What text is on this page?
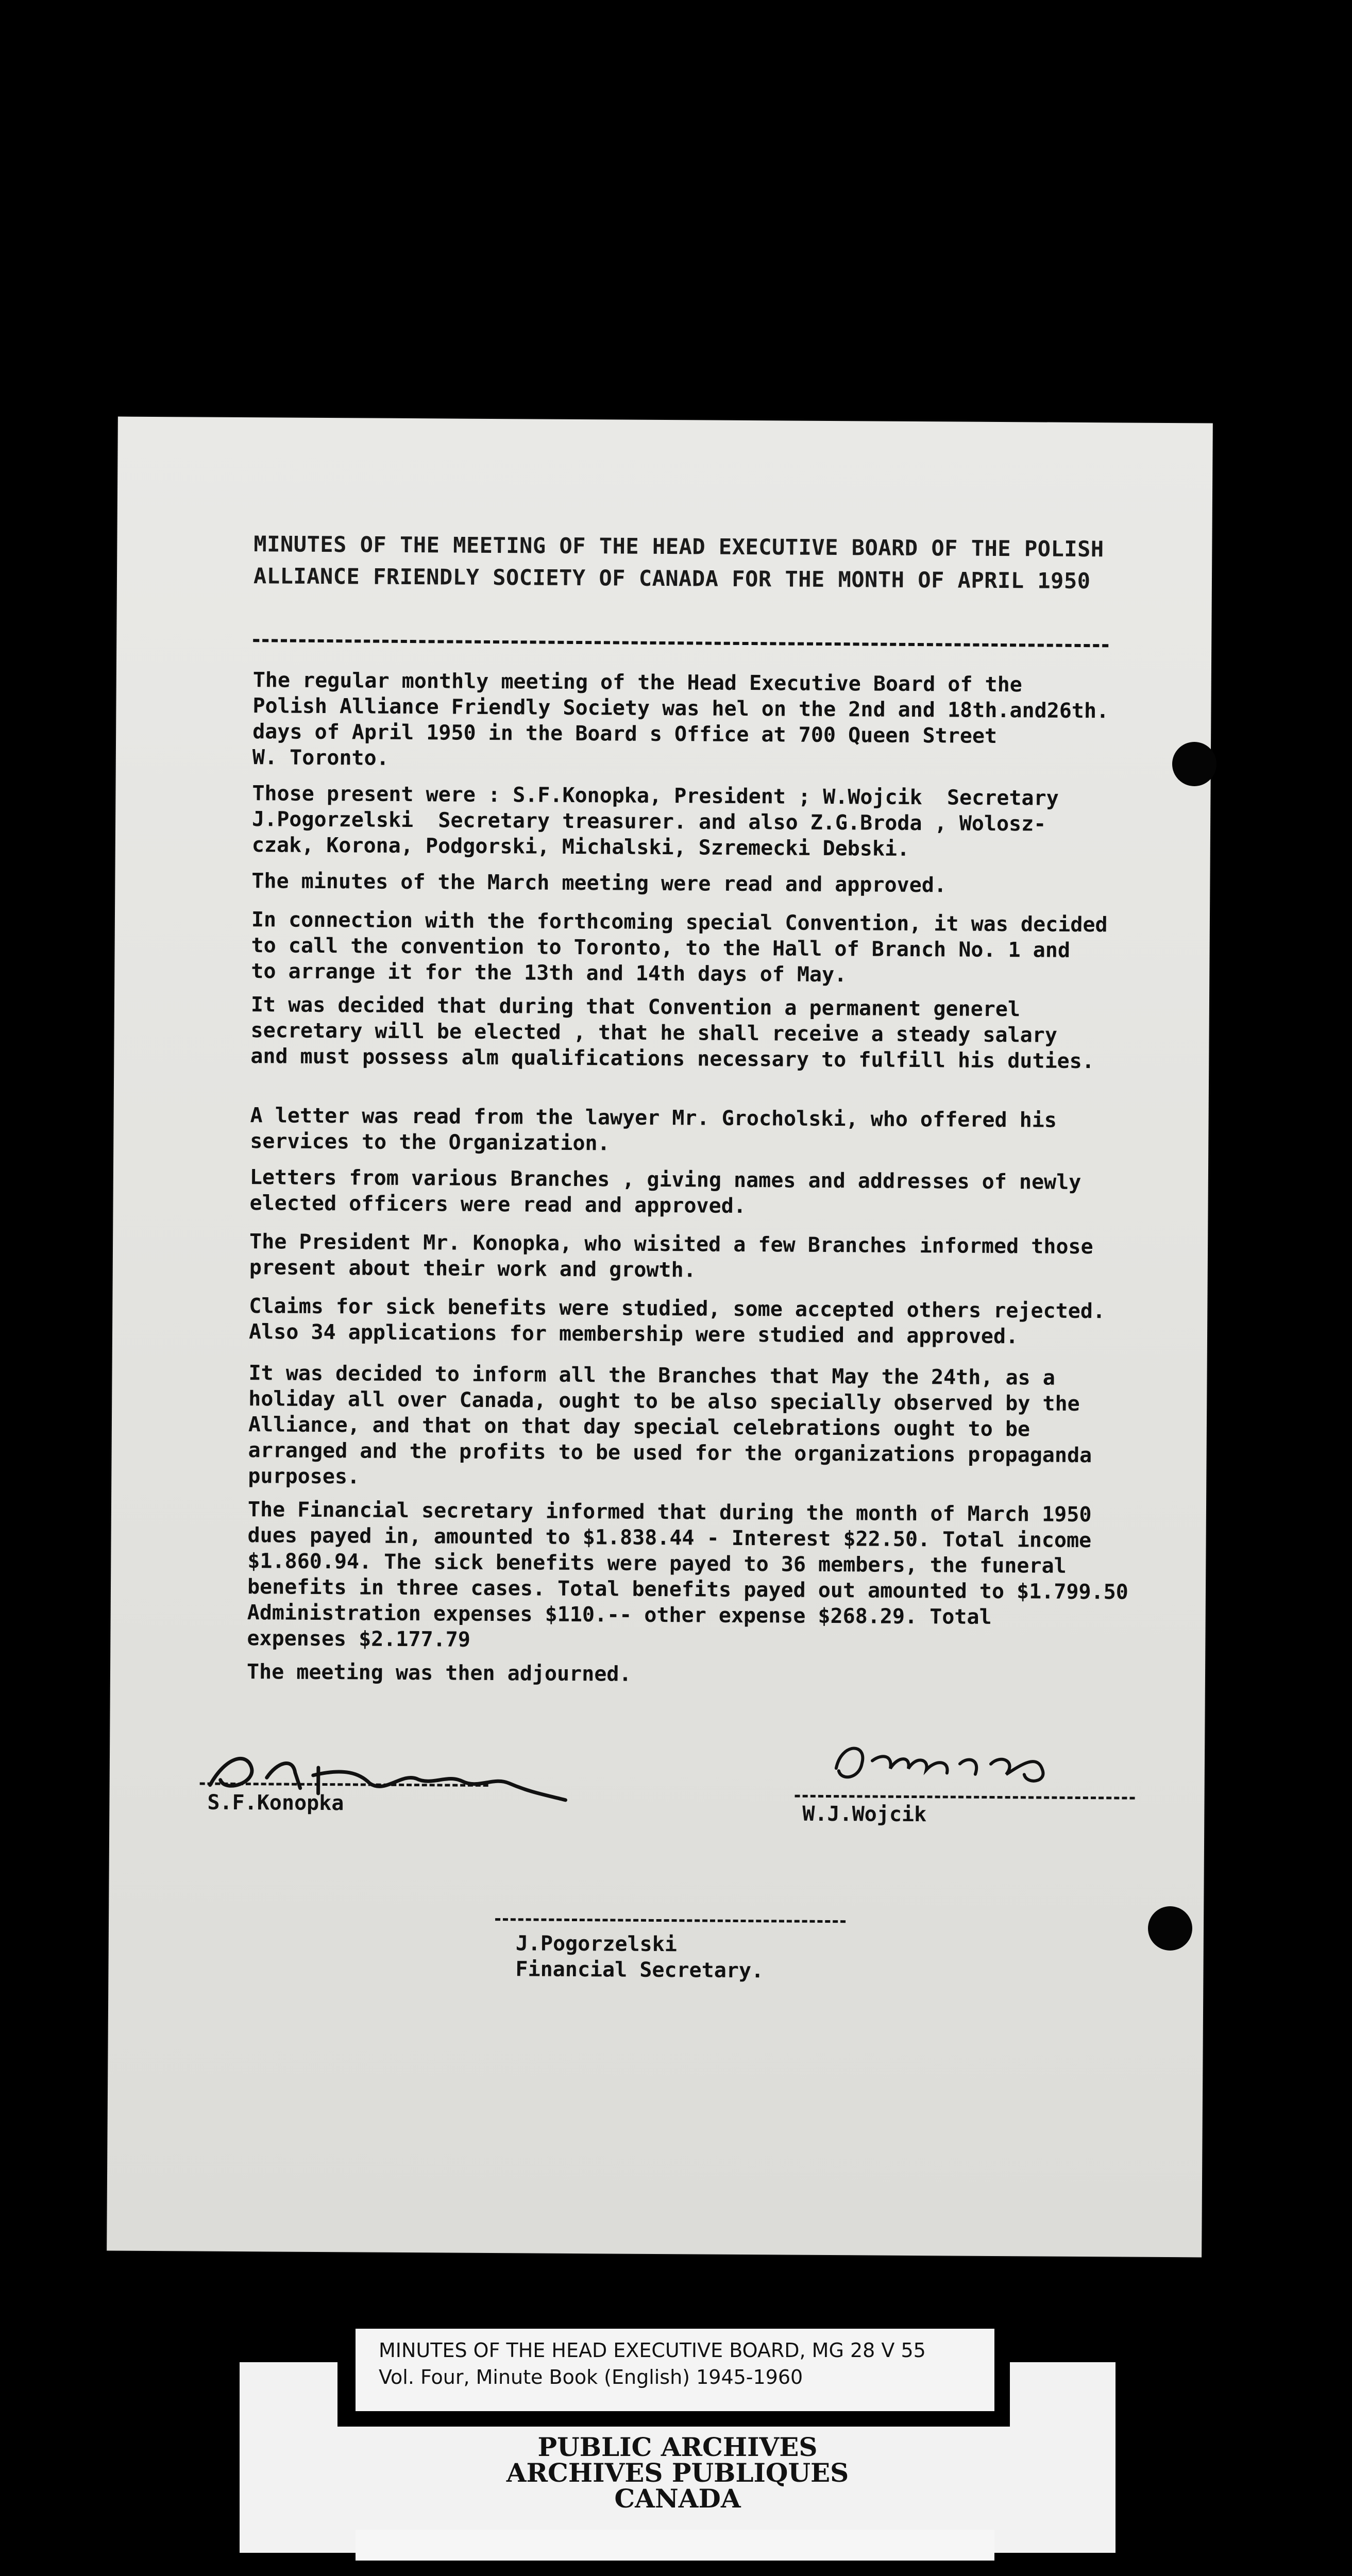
MINUTES OF THE MEETING OF THE HEAD EXECUTIVE BOARD OF THE POLISH
ALLIANCE FRIENDLY SOCIETY OF CANADA FOR THE MONTH OF APRIL 1950
The regular monthly meeting of the Head Executive Board of the
Polish Alliance Friendly Society was hel on the 2nd and 18th.and26th.
days of April 1950 in the Board s Office at 700 Queen Street
W. Toronto.
Those present were : S.F.Konopka, President ; W.Wojcik  Secretary
J.Pogorzelski  Secretary treasurer. and also Z.G.Broda , Wolosz-
czak, Korona, Podgorski, Michalski, Szremecki Debski.
The minutes of the March meeting were read and approved.
In connection with the forthcoming special Convention, it was decided
to call the convention to Toronto, to the Hall of Branch No. 1 and
to arrange it for the 13th and 14th days of May.
It was decided that during that Convention a permanent generel
secretary will be elected , that he shall receive a steady salary
and must possess alm qualifications necessary to fulfill his duties.
A letter was read from the lawyer Mr. Grocholski, who offered his
services to the Organization.
Letters from various Branches , giving names and addresses of newly
elected officers were read and approved.
The President Mr. Konopka, who wisited a few Branches informed those
present about their work and growth.
Claims for sick benefits were studied, some accepted others rejected.
Also 34 applications for membership were studied and approved.
It was decided to inform all the Branches that May the 24th, as a
holiday all over Canada, ought to be also specially observed by the
Alliance, and that on that day special celebrations ought to be
arranged and the profits to be used for the organizations propaganda
purposes.
The Financial secretary informed that during the month of March 1950
dues payed in, amounted to $1.838.44 - Interest $22.50. Total income
$1.860.94. The sick benefits were payed to 36 members, the funeral
benefits in three cases. Total benefits payed out amounted to $1.799.50
Administration expenses $110.-- other expense $268.29. Total
expenses $2.177.79
The meeting was then adjourned.
S.F.Konopka	W.J.Wojcik
J.Pogorzelski
Financial Secretary.
MINUTES OF THE HEAD EXECUTIVE BOARD, MG 28 V 55
Vol. Four, Minute Book (English) 1945-1960
PUBLIC ARCHIVES
ARCHIVES PUBLIQUES
CANADA
